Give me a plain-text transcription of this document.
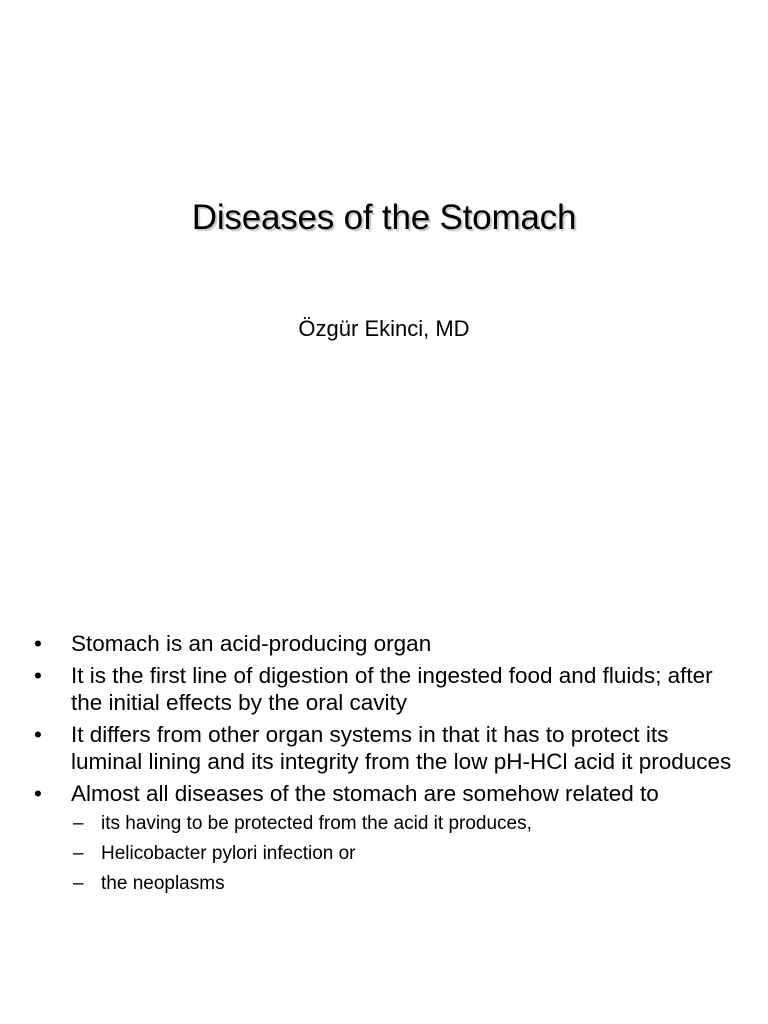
Diseases of the Stomach
Özgür Ekinci, MD
• Stomach is an acid-producing organ
• It is the first line of digestion of the ingested food and fluids; after the initial effects by the oral cavity
• It differs from other organ systems in that it has to protect its luminal lining and its integrity from the low pH-HCl acid it produces
• Almost all diseases of the stomach are somehow related to
– its having to be protected from the acid it produces,
– Helicobacter pylori infection or
– the neoplasms
